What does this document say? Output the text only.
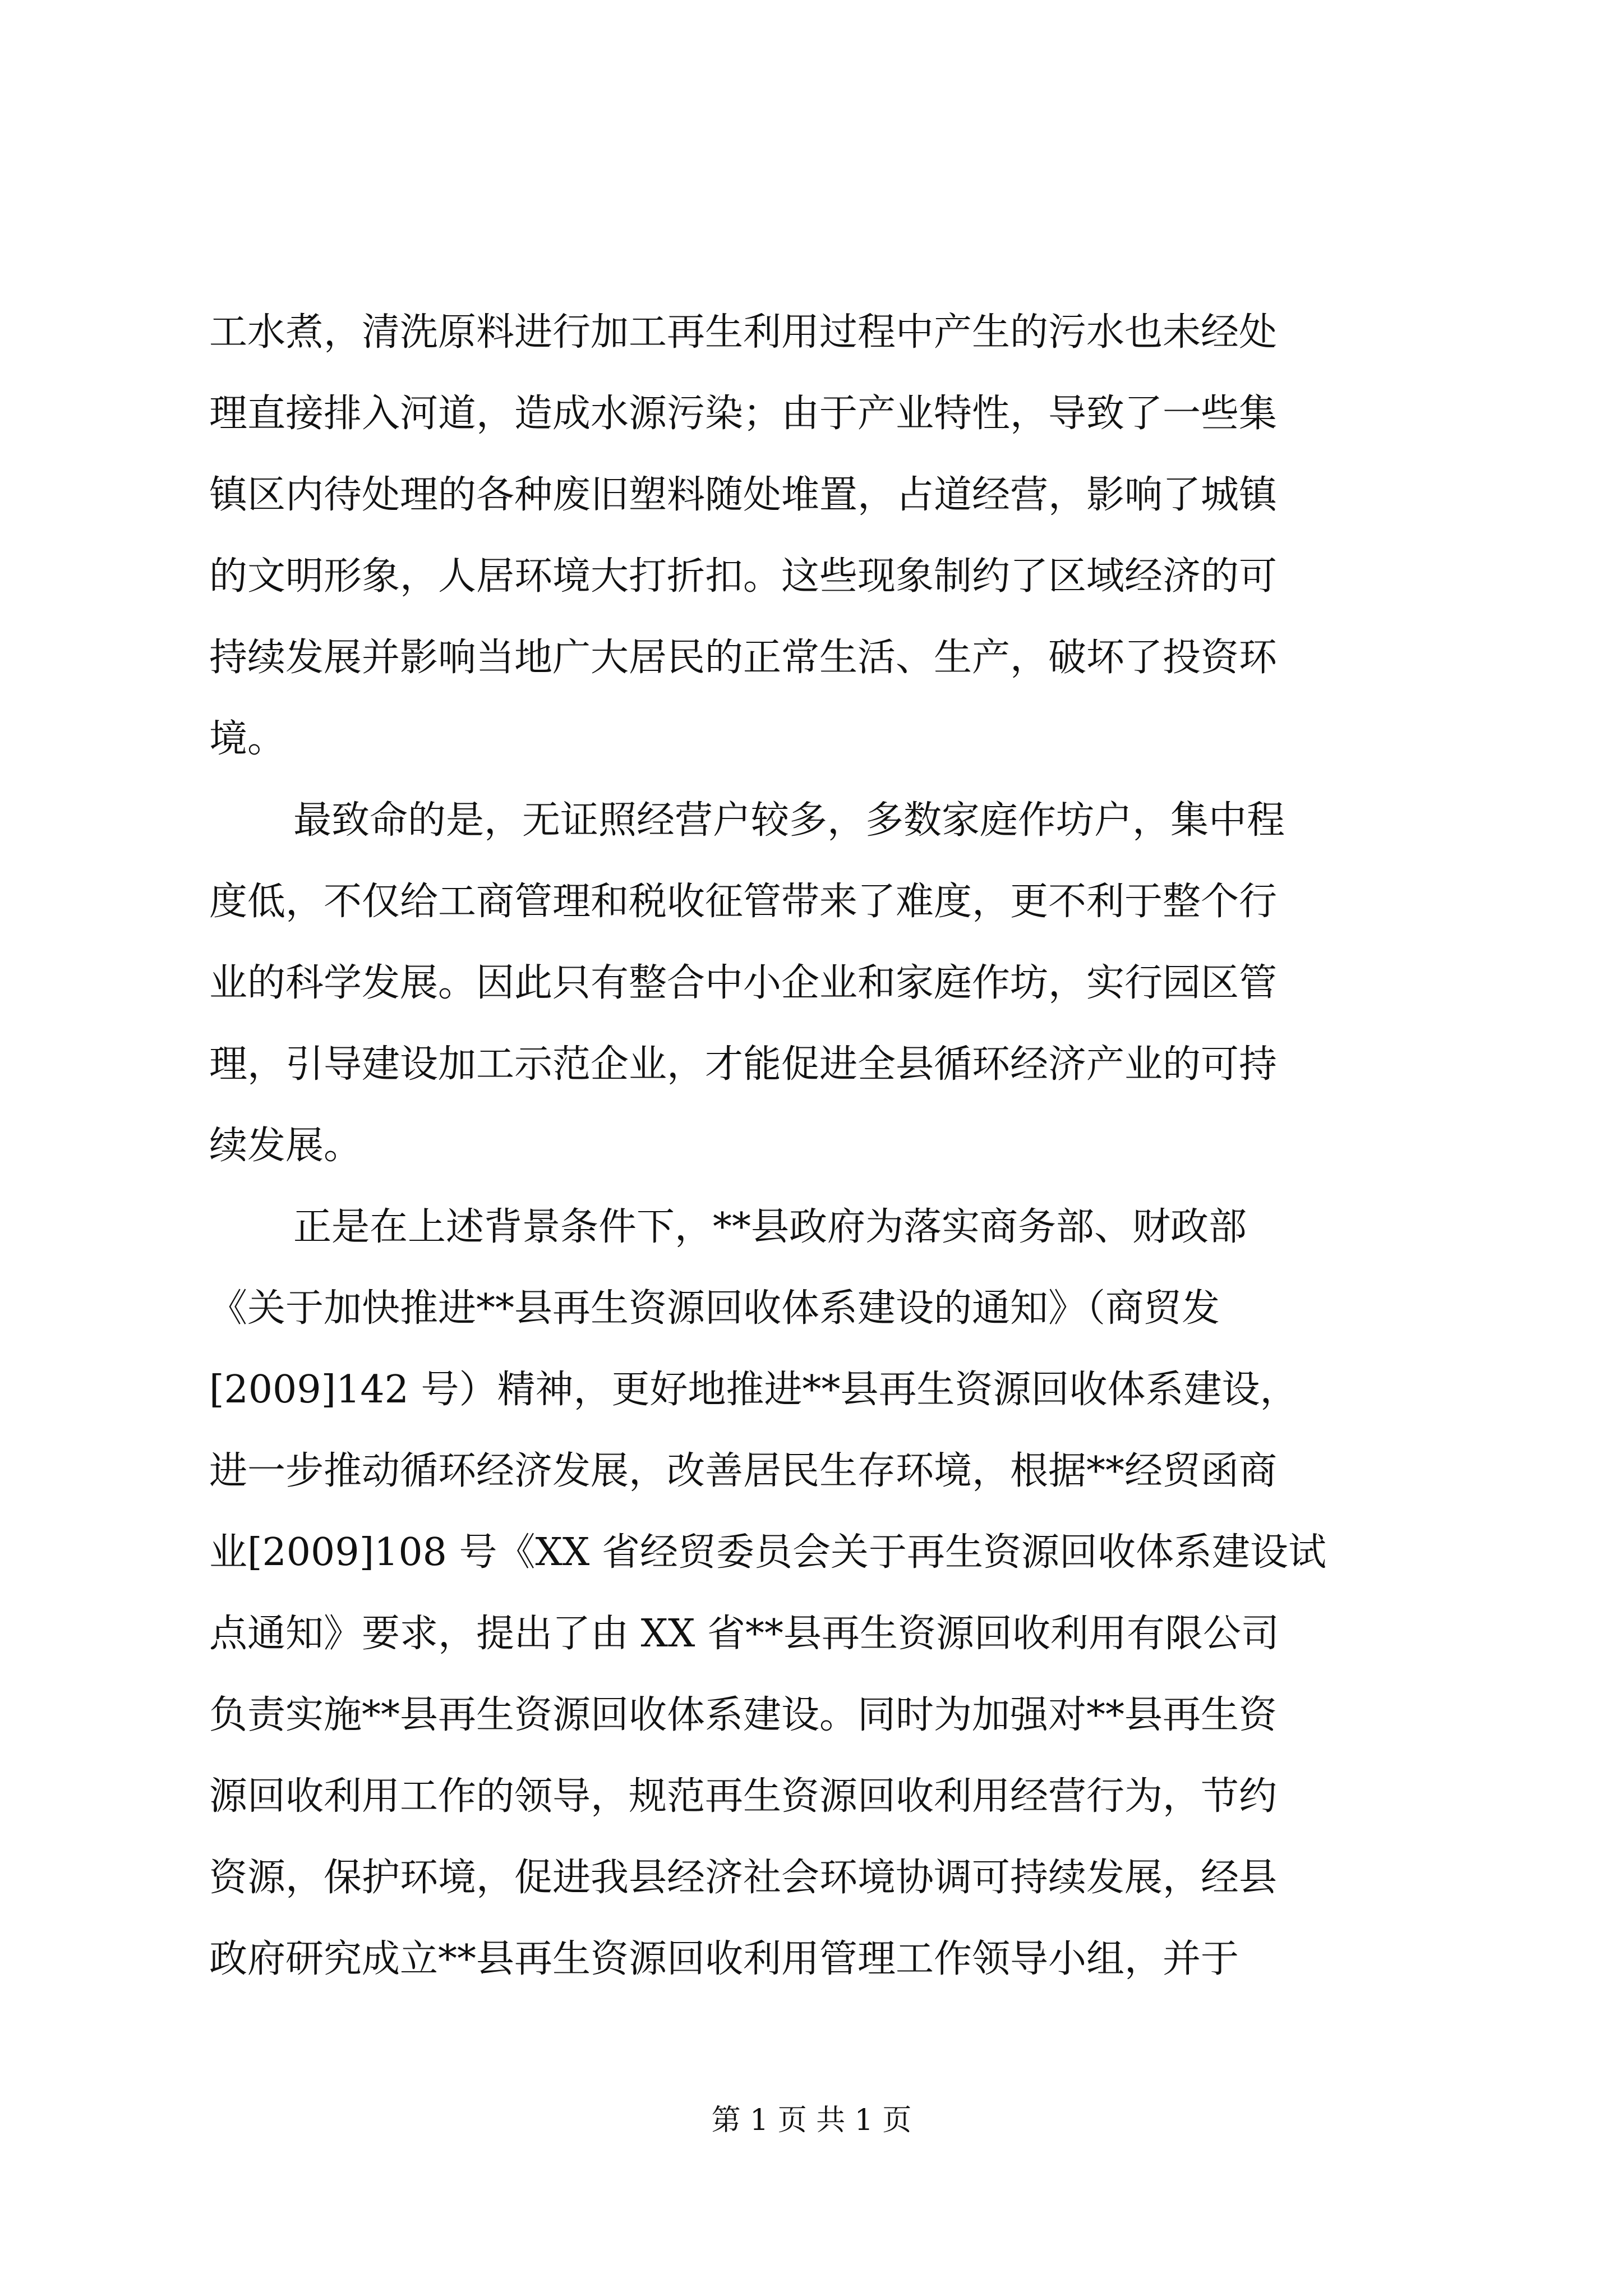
工水煮，清洗原料进行加工再生利用过程中产生的污水也未经处
理直接排入河道，造成水源污染；由于产业特性，导致了一些集
镇区内待处理的各种废旧塑料随处堆置，占道经营，影响了城镇
的文明形象，人居环境大打折扣。这些现象制约了区域经济的可
持续发展并影响当地广大居民的正常生活、生产，破坏了投资环
境。
最致命的是，无证照经营户较多，多数家庭作坊户，集中程
度低，不仅给工商管理和税收征管带来了难度，更不利于整个行
业的科学发展。因此只有整合中小企业和家庭作坊，实行园区管
理，引导建设加工示范企业，才能促进全县循环经济产业的可持
续发展。
正是在上述背景条件下，**县政府为落实商务部、财政部
《关于加快推进**县再生资源回收体系建设的通知》（商贸发
[2009]142 号）精神，更好地推进**县再生资源回收体系建设，
进一步推动循环经济发展，改善居民生存环境，根据**经贸函商
业[2009]108 号《XX 省经贸委员会关于再生资源回收体系建设试
点通知》要求，提出了由 XX 省**县再生资源回收利用有限公司
负责实施**县再生资源回收体系建设。同时为加强对**县再生资
源回收利用工作的领导，规范再生资源回收利用经营行为，节约
资源，保护环境，促进我县经济社会环境协调可持续发展，经县
政府研究成立**县再生资源回收利用管理工作领导小组，并于
第 1 页 共 1 页
